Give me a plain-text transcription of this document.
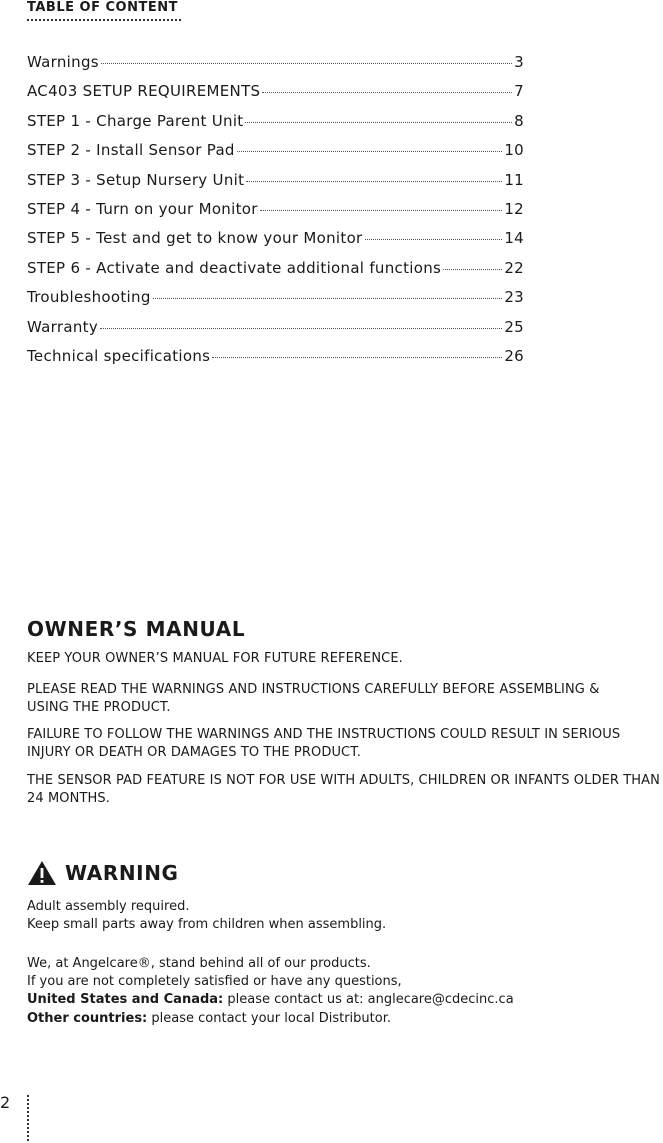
TABLE OF CONTENT
Warnings	3
AC403 SETUP REQUIREMENTS	7
STEP 1 - Charge Parent Unit	8
STEP 2 - Install Sensor Pad	10
STEP 3 - Setup Nursery Unit	11
STEP 4 - Turn on your Monitor	12
STEP 5 - Test and get to know your Monitor	14
STEP 6 - Activate and deactivate additional functions	22
Troubleshooting	23
Warranty	25
Technical specifications	26
OWNER’S MANUAL

KEEP YOUR OWNER’S MANUAL FOR FUTURE REFERENCE.

PLEASE READ THE WARNINGS AND INSTRUCTIONS CAREFULLY BEFORE ASSEMBLING & USING THE PRODUCT.

FAILURE TO FOLLOW THE WARNINGS AND THE INSTRUCTIONS COULD RESULT IN SERIOUS INJURY OR DEATH OR DAMAGES TO THE PRODUCT.

THE SENSOR PAD FEATURE IS NOT FOR USE WITH ADULTS, CHILDREN OR INFANTS OLDER THAN 24 MONTHS.

WARNING
Adult assembly required.
Keep small parts away from children when assembling.
We, at Angelcare®, stand behind all of our products.
If you are not completely satisfied or have any questions,
United States and Canada: please contact us at: anglecare@cdecinc.ca
Other countries: please contact your local Distributor.
2
